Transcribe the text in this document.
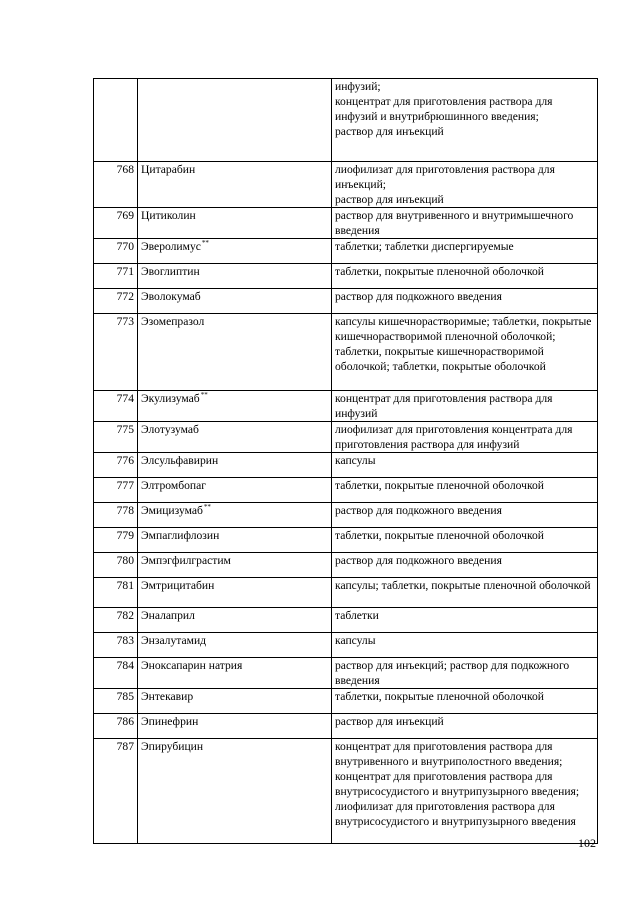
		инфузий;
концентрат для приготовления раствора для инфузий и внутрибрюшинного введения;
раствор для инъекций
768	Цитарабин	лиофилизат для приготовления раствора для инъекций;
раствор для инъекций
769	Цитиколин	раствор для внутривенного и внутримышечного введения
770	Эверолимус**	таблетки; таблетки диспергируемые
771	Эвоглиптин	таблетки, покрытые пленочной оболочкой
772	Эволокумаб	раствор для подкожного введения
773	Эзомепразол	капсулы кишечнорастворимые; таблетки, покрытые кишечнорастворимой пленочной оболочкой; таблетки, покрытые кишечнорастворимой оболочкой; таблетки, покрытые оболочкой
774	Экулизумаб**	концентрат для приготовления раствора для инфузий
775	Элотузумаб	лиофилизат для приготовления концентрата для приготовления раствора для инфузий
776	Элсульфавирин	капсулы
777	Элтромбопаг	таблетки, покрытые пленочной оболочкой
778	Эмицизумаб**	раствор для подкожного введения
779	Эмпаглифлозин	таблетки, покрытые пленочной оболочкой
780	Эмпэгфилграстим	раствор для подкожного введения
781	Эмтрицитабин	капсулы; таблетки, покрытые пленочной оболочкой
782	Эналаприл	таблетки
783	Энзалутамид	капсулы
784	Эноксапарин натрия	раствор для инъекций; раствор для подкожного введения
785	Энтекавир	таблетки, покрытые пленочной оболочкой
786	Эпинефрин	раствор для инъекций
787	Эпирубицин	концентрат для приготовления раствора для внутривенного и внутриполостного введения; концентрат для приготовления раствора для внутрисосудистого и внутрипузырного введения; лиофилизат для приготовления раствора для внутрисосудистого и внутрипузырного введения
102
